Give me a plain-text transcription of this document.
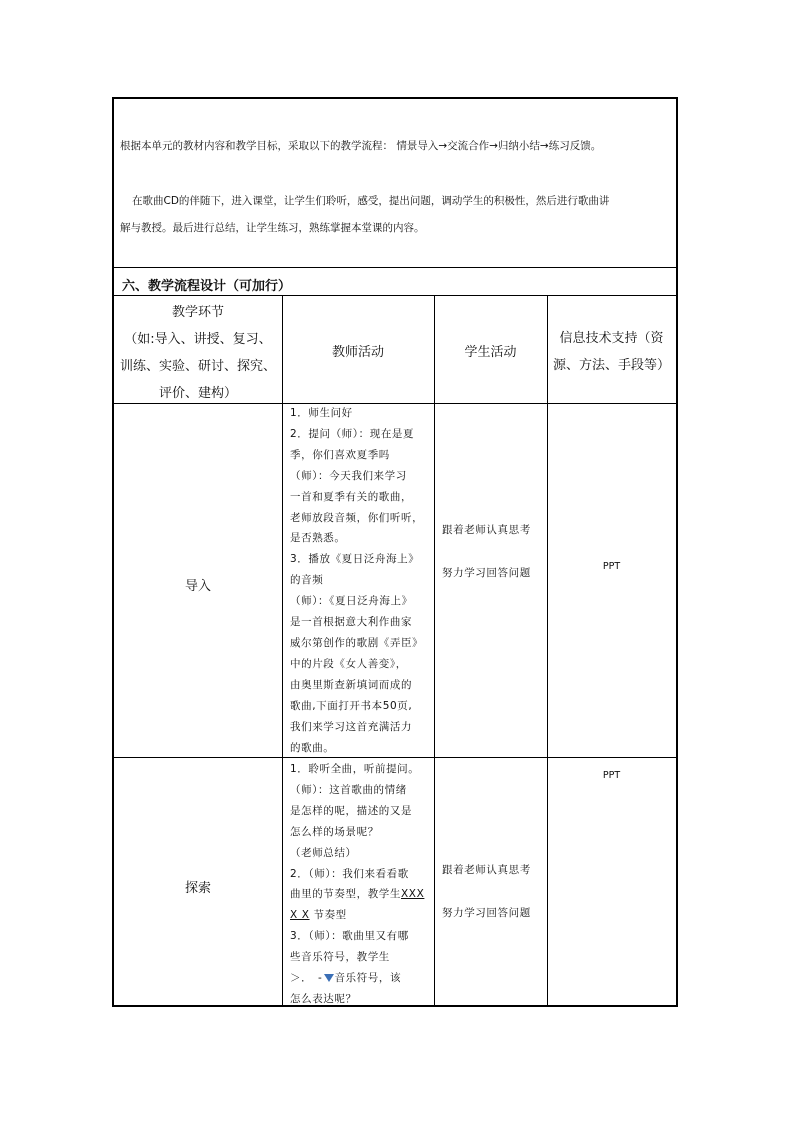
根据本单元的教材内容和教学目标，采取以下的教学流程： 情景导入→交流合作→归纳小结→练习反馈。
在歌曲CD的伴随下，进入课堂，让学生们聆听，感受，提出问题，调动学生的积极性，然后进行歌曲讲
解与教授。最后进行总结，让学生练习，熟练掌握本堂课的内容。
六、教学流程设计（可加行）
教学环节
（如:导入、讲授、复习、
训练、实验、研讨、探究、
评价、建构）
教师活动	学生活动
信息技术支持（资
源、方法、手段等）
导入
1．师生问好
2．提问（师）：现在是夏
季，你们喜欢夏季吗
（师）：今天我们来学习
一首和夏季有关的歌曲，
老师放段音频，你们听听，
是否熟悉。
3．播放《夏日泛舟海上》
的音频
（师）：《夏日泛舟海上》
是一首根据意大利作曲家
威尔第创作的歌剧《弄臣》
中的片段《女人善变》，
由奥里斯查新填词而成的
歌曲,下面打开书本50页,
我们来学习这首充满活力
的歌曲。
跟着老师认真思考
努力学习回答问题
PPT
探索
1．聆听全曲，听前提问。
（师）：这首歌曲的情绪
是怎样的呢，描述的又是
怎么样的场景呢？
（老师总结）
2．（师）：我们来看看歌
曲里的节奏型，教学生XXX
X X 节奏型
3．（师）：歌曲里又有哪
些音乐符号，教学生
＞．　- 音乐符号，该
怎么表达呢？
跟着老师认真思考
努力学习回答问题
PPT
